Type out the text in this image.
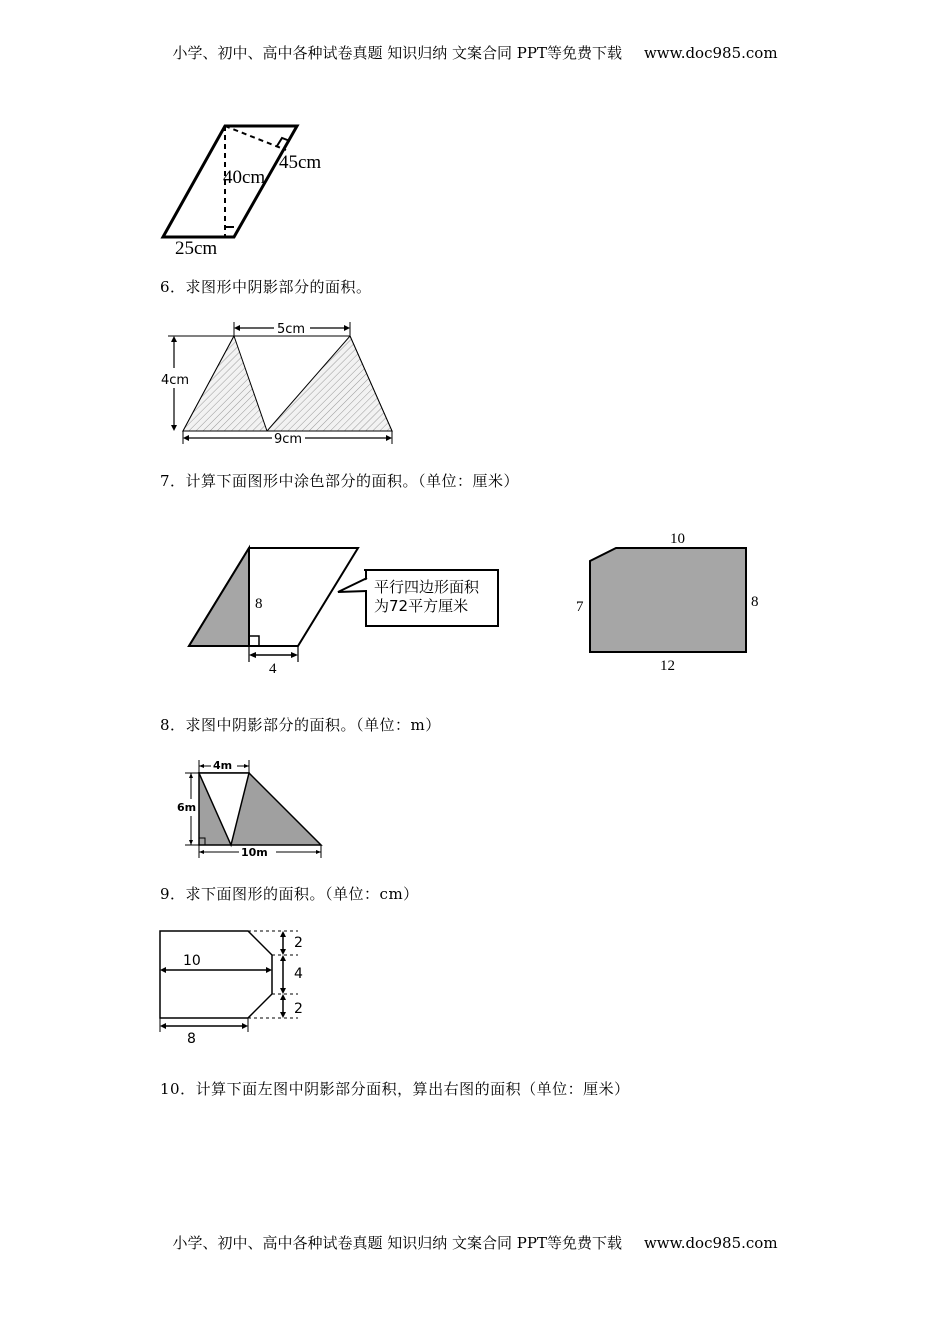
小学、初中、高中各种试卷真题 知识归纳 文案合同 PPT等免费下载 www.doc985.com
40cm
45cm
25cm
6．求图形中阴影部分的面积。
5cm
4cm
9cm
7．计算下面图形中涂色部分的面积。（单位：厘米）
8
4
平行四边形面积
为72平方厘米
10
7	8
12
8．求图中阴影部分的面积。（单位：m）
4m
6m
10m
9．求下面图形的面积。（单位：cm）
2
4
2
10
8
10．计算下面左图中阴影部分面积，算出右图的面积（单位：厘米）
小学、初中、高中各种试卷真题 知识归纳 文案合同 PPT等免费下载 www.doc985.com
